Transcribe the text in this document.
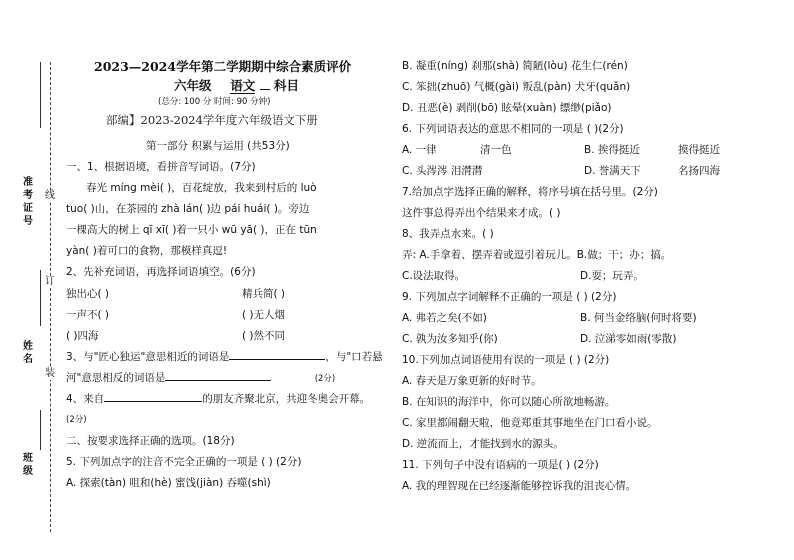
准考证号
姓名
班级
线
订
装
2023—2024学年第二学期期中综合素质评价
六年级 语文 科目
(总分: 100 分 时间: 90 分钟)
部编】2023-2024学年度六年级语文下册
第一部分 积累与运用 (共53分)
一、1、根据语境，看拼音写词语。(7分)
春光 míng mèi( )，百花绽放，我来到村后的 luò
tuo( )山，在茶园的 zhà lán( )边 pái huái( )。旁边
一棵高大的树上 qī xī( )着一只小 wū yā( )，正在 tūn
yàn( )着可口的食物，那模样真逗!
2、先补充词语，再选择词语填空。(6分)
独出心( )	精兵简( )
一声不( )	( )无人烟
( )四海	( )然不同
3、与"匠心独运"意思相近的词语是	，与"口若悬
河"意思相反的词语是	(2分)
4、来自	的朋友齐聚北京，共迎冬奥会开幕。
(2分)
二、按要求选择正确的选项。(18分)
5. 下列加点字的注音不完全正确的一项是 ( ) (2分)
A. 探索(tàn) 咀和(hè) 蜜饯(jiàn) 吞噬(shì)
B. 凝重(níng) 刹那(shà) 简陋(lòu) 花生仁(rén)
C. 笨拙(zhuō) 气概(gài) 叛乱(pàn) 犬牙(quǎn)
D. 丑恶(è) 剥削(bō) 眩晕(xuàn) 缥缈(piǎo)
6. 下列词语表达的意思不相同的一项是 ( )(2分)
A. 一律	清一色	B. 挨得挺近	摸得挺近
C. 头涔涔 泪潸潸	D. 誉满天下	名扬四海
7.给加点字选择正确的解释，将序号填在括号里。(2分)
这件事总得弄出个结果来才成。( )
8、我弄点水来。( )
弄: A.手拿着、摆弄着或逗引着玩儿。B.做；干；办；搞。
C.设法取得。	D.耍；玩弄。
9. 下列加点字词解释不正确的一项是 ( ) (2分)
A. 弗若之矣(不如)	B. 何当金络脑(何时将要)
C. 孰为汝多知乎(你)	D. 泣涕零如雨(零散)
10.下列加点词语使用有误的一项是 ( ) (2分)
A. 春天是万象更新的好时节。
B. 在知识的海洋中，你可以随心所欲地畅游。
C. 家里都闹翻天啦，他竟郑重其事地坐在门口看小说。
D. 逆流而上，才能找到水的源头。
11. 下列句子中没有语病的一项是( ) (2分)
A. 我的理智现在已经逐渐能够控诉我的沮丧心情。
